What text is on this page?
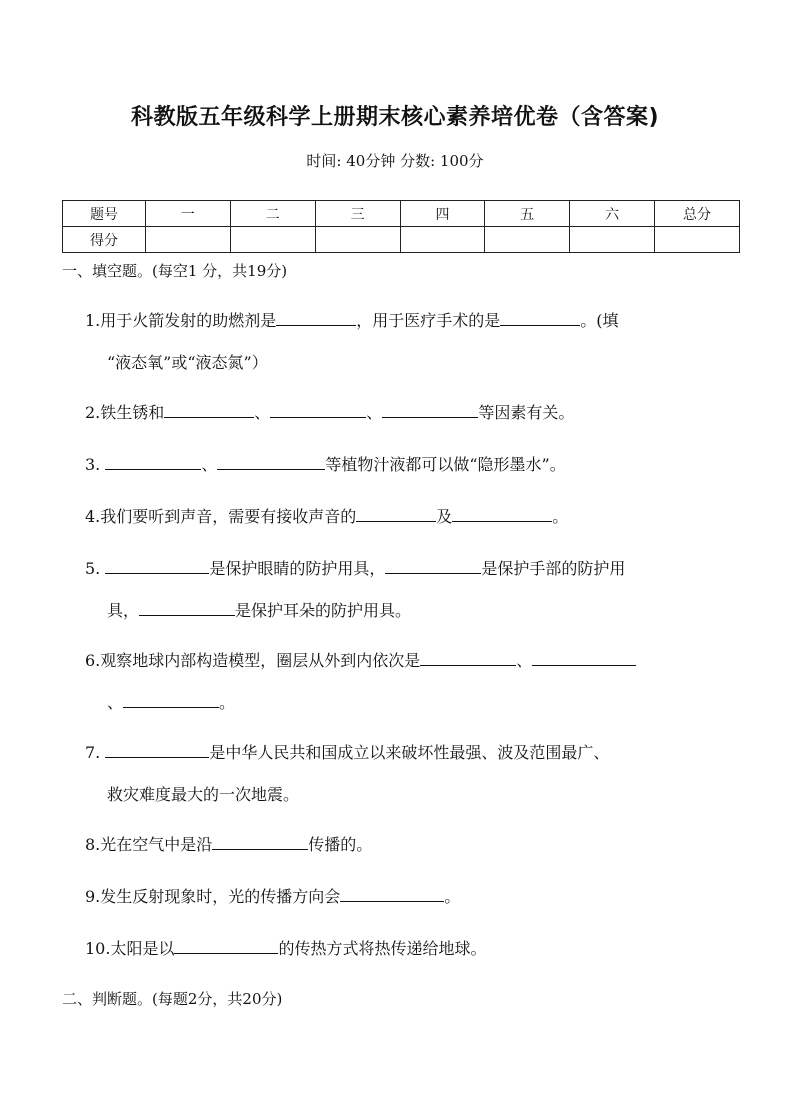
科教版五年级科学上册期末核心素养培优卷（含答案)
时间: 40分钟 分数: 100分
题号	一	二	三	四	五	六	总分
得分							
一、填空题。(每空1 分，共19分)
1.用于火箭发射的助燃剂是	，用于医疗手术的是	。(填
“液态氧”或“液态氮”）
2.铁生锈和	、	、	等因素有关。
3.	、	等植物汁液都可以做“隐形墨水”。
4.我们要听到声音，需要有接收声音的	及	。
5.	是保护眼睛的防护用具，	是保护手部的防护用
具，	是保护耳朵的防护用具。
6.观察地球内部构造模型，圈层从外到内依次是	、
、	。
7.	是中华人民共和国成立以来破坏性最强、波及范围最广、
救灾难度最大的一次地震。
8.光在空气中是沿	传播的。
9.发生反射现象时，光的传播方向会	。
10.太阳是以	的传热方式将热传递给地球。
二、判断题。(每题2分，共20分)
